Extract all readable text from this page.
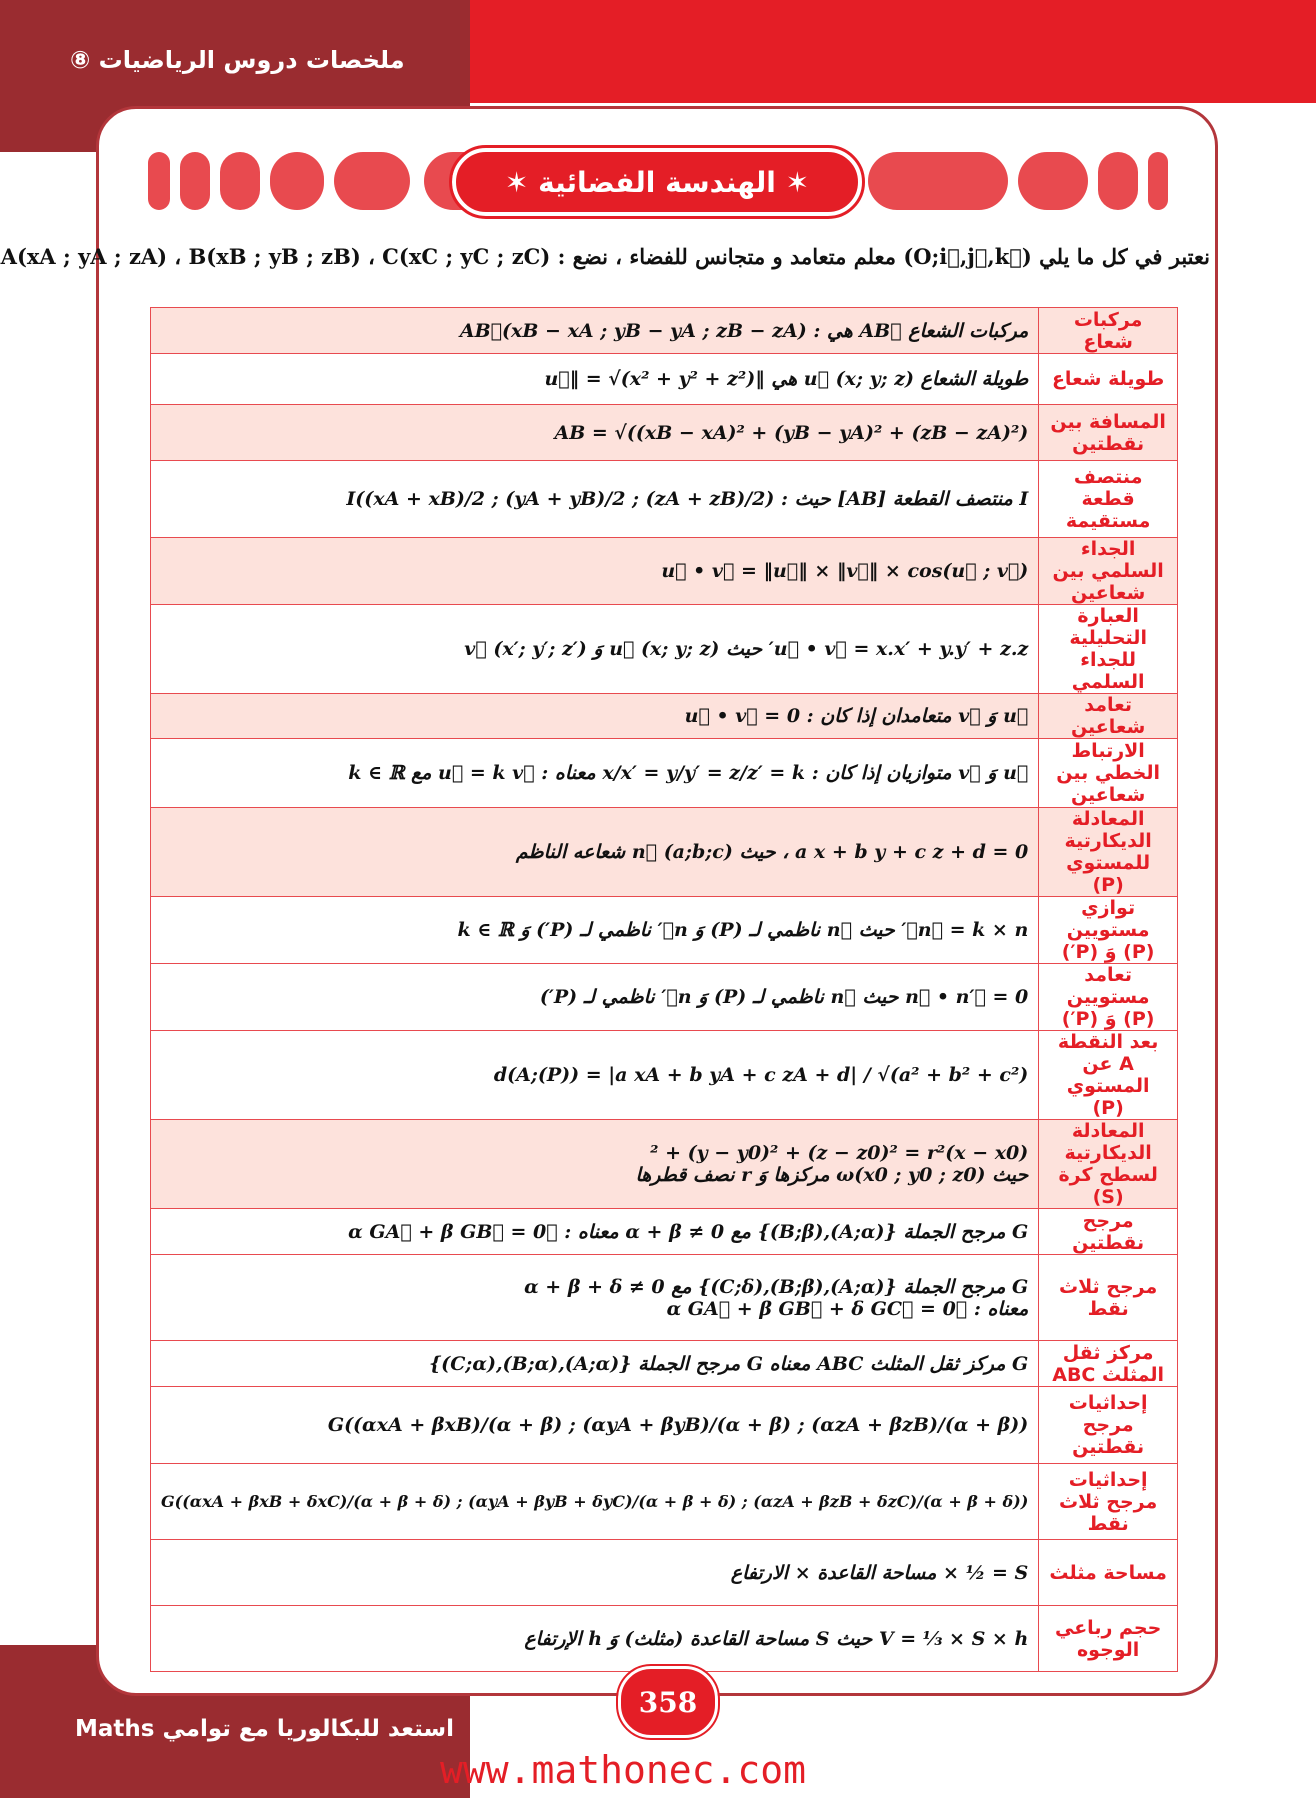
ملخصات دروس الرياضيات ⑧
استعد للبكالوريا مع توامي Maths
✶ الهندسة الفضائية ✶
نعتبر في كل ما يلي (O;i⃗,j⃗,k⃗) معلم متعامد و متجانس للفضاء ، نضع : A(xA ; yA ; zA) ، B(xB ; yB ; zB) ، C(xC ; yC ; zC)
مركبات شعاع	مركبات الشعاع AB⃗ هي : AB⃗(xB − xA ; yB − yA ; zB − zA)

طويلة شعاع	طويلة الشعاع u⃗ (x; y; z) هي ‖u⃗‖ = √(x² + y² + z²)

المسافة بين نقطتين	AB = √((xB − xA)² + (yB − yA)² + (zB − zA)²)

منتصف قطعة مستقيمة	I منتصف القطعة [AB] حيث : I((xA + xB)/2 ; (yA + yB)/2 ; (zA + zB)/2)

الجداء السلمي بين شعاعين	u⃗ • v⃗ = ‖u⃗‖ × ‖v⃗‖ × cos(u⃗ ; v⃗)

العبارة التحليلية للجداء السلمي	u⃗ • v⃗ = x.x′ + y.y′ + z.z′ حيث u⃗ (x; y; z) وَ v⃗ (x′; y′; z′)

تعامد شعاعين	u⃗ وَ v⃗ متعامدان إذا كان : u⃗ • v⃗ = 0

الارتباط الخطي بين شعاعين	u⃗ وَ v⃗ متوازيان إذا كان : x/x′ = y/y′ = z/z′ = k معناه : u⃗ = k v⃗ مع k ∈ ℝ

المعادلة الديكارتية للمستوي (P)	a x + b y + c z + d = 0 ، حيث n⃗ (a;b;c) شعاعه الناظم

توازي مستويين (P) وَ (P′)	n⃗ = k × n′⃗ حيث n⃗ ناظمي لـ (P) وَ n′⃗ ناظمي لـ (P′) وَ k ∈ ℝ

تعامد مستويين (P) وَ (P′)	n⃗ • n′⃗ = 0 حيث n⃗ ناظمي لـ (P) وَ n′⃗ ناظمي لـ (P′)

بعد النقطة A عن المستوي (P)	d(A;(P)) = |a xA + b yA + c zA + d| / √(a² + b² + c²)

المعادلة الديكارتية لسطح كرة (S)	(x − x0)² + (y − y0)² + (z − z0)² = r²
حيث ω(x0 ; y0 ; z0) مركزها وَ r نصف قطرها

مرجح نقطتين	G مرجح الجملة {(A;α),(B;β)} مع α + β ≠ 0 معناه : α GA⃗ + β GB⃗ = 0⃗

مرجح ثلاث نقط	G مرجح الجملة {(A;α),(B;β),(C;δ)} مع α + β + δ ≠ 0
معناه : α GA⃗ + β GB⃗ + δ GC⃗ = 0⃗

مركز ثقل المثلث ABC	G مركز ثقل المثلث ABC معناه G مرجح الجملة {(A;α),(B;α),(C;α)}

إحداثيات مرجح نقطتين	G((αxA + βxB)/(α + β) ; (αyA + βyB)/(α + β) ; (αzA + βzB)/(α + β))

إحداثيات مرجح ثلاث نقط	G((αxA + βxB + δxC)/(α + β + δ) ; (αyA + βyB + δyC)/(α + β + δ) ; (αzA + βzB + δzC)/(α + β + δ))

مساحة مثلث	S = ½ × مساحة القاعدة × الارتفاع

حجم رباعي الوجوه	V = ⅓ × S × h حيث S مساحة القاعدة (مثلث) وَ h الإرتفاع
358
www.mathonec.com
